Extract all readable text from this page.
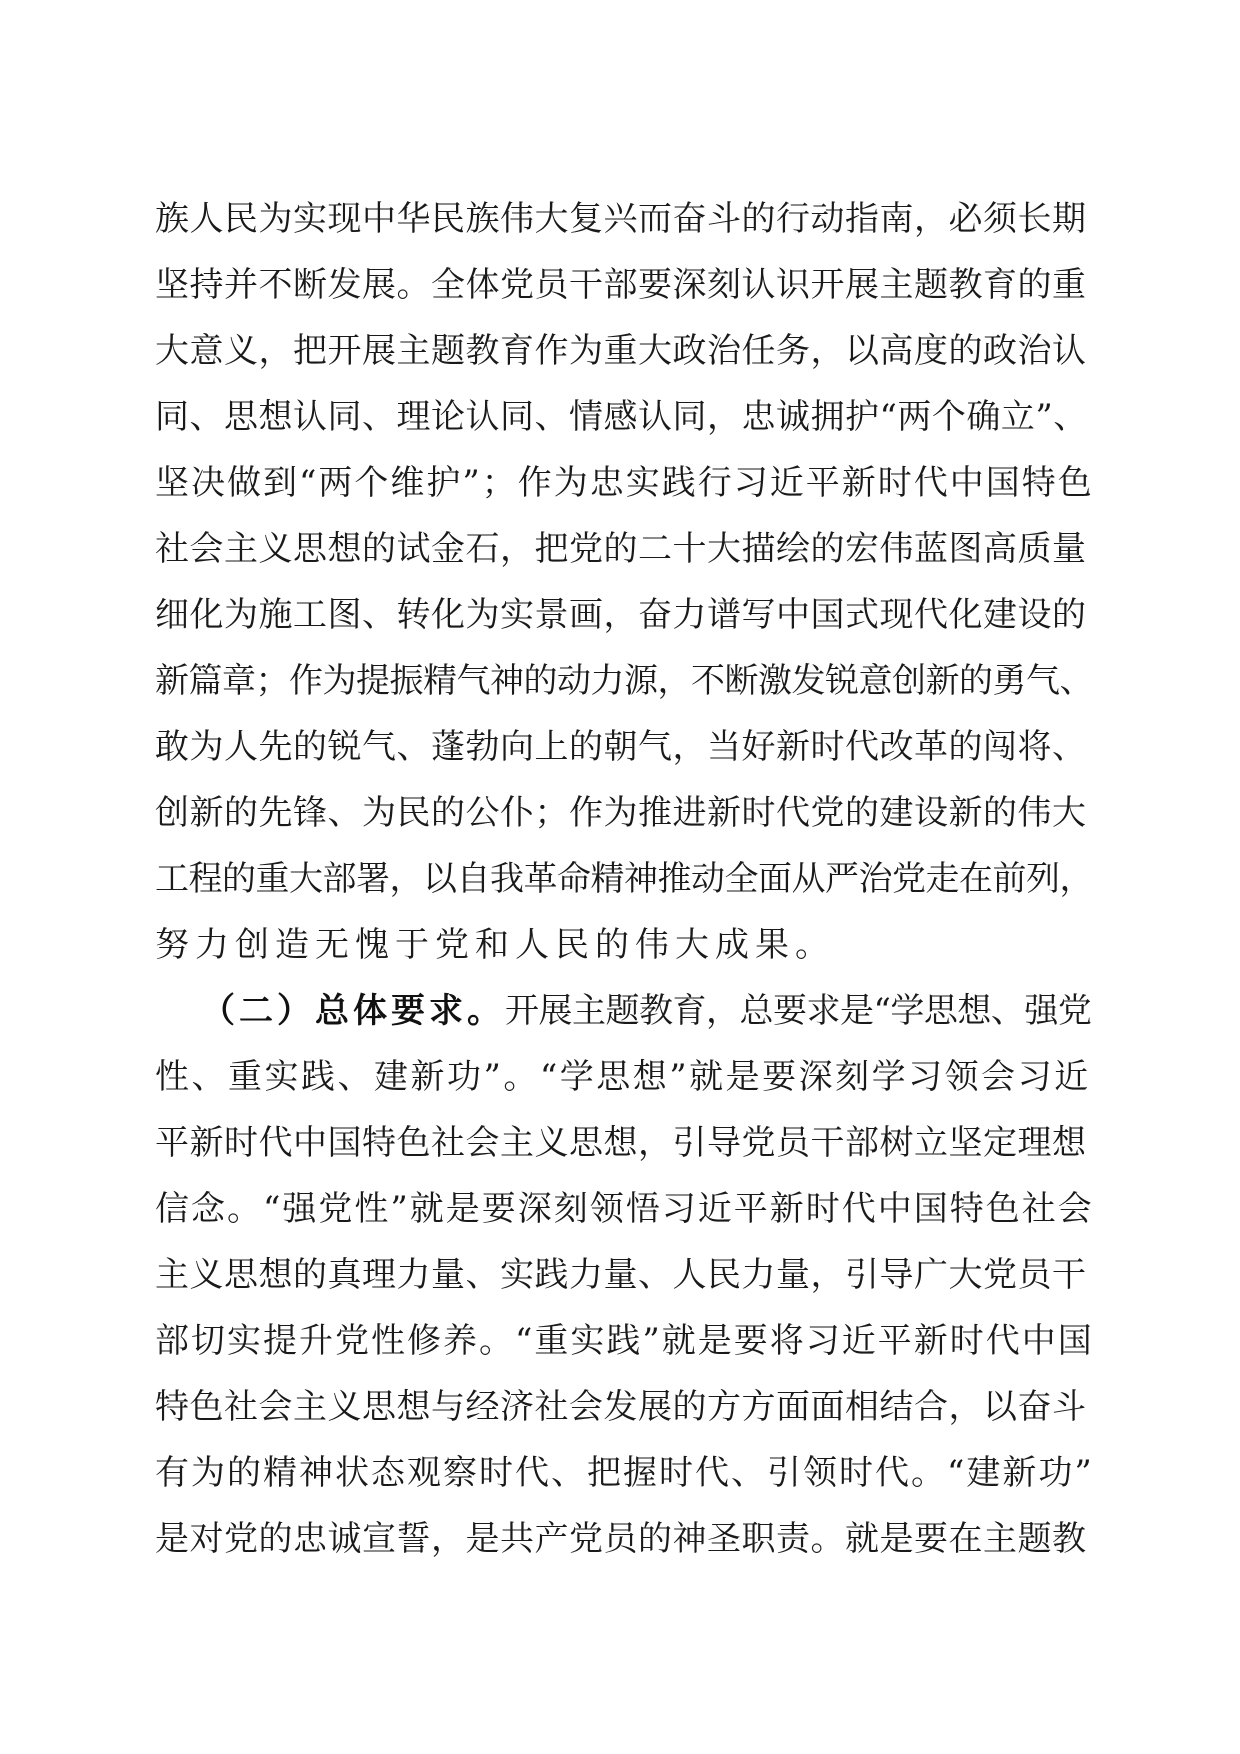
族人民为实现中华民族伟大复兴而奋斗的行动指南，必须长期
坚持并不断发展。全体党员干部要深刻认识开展主题教育的重
大意义，把开展主题教育作为重大政治任务，以高度的政治认
同、思想认同、理论认同、情感认同，忠诚拥护“两个确立”、
坚决做到“两个维护”；作为忠实践行习近平新时代中国特色
社会主义思想的试金石，把党的二十大描绘的宏伟蓝图高质量
细化为施工图、转化为实景画，奋力谱写中国式现代化建设的
新篇章；作为提振精气神的动力源，不断激发锐意创新的勇气、
敢为人先的锐气、蓬勃向上的朝气，当好新时代改革的闯将、
创新的先锋、为民的公仆；作为推进新时代党的建设新的伟大
工程的重大部署，以自我革命精神推动全面从严治党走在前列，
努力创造无愧于党和人民的伟大成果。
（二）总体要求。开展主题教育，总要求是“学思想、强党
性、重实践、建新功”。“学思想”就是要深刻学习领会习近
平新时代中国特色社会主义思想，引导党员干部树立坚定理想
信念。“强党性”就是要深刻领悟习近平新时代中国特色社会
主义思想的真理力量、实践力量、人民力量，引导广大党员干
部切实提升党性修养。“重实践”就是要将习近平新时代中国
特色社会主义思想与经济社会发展的方方面面相结合，以奋斗
有为的精神状态观察时代、把握时代、引领时代。“建新功”
是对党的忠诚宣誓，是共产党员的神圣职责。就是要在主题教
